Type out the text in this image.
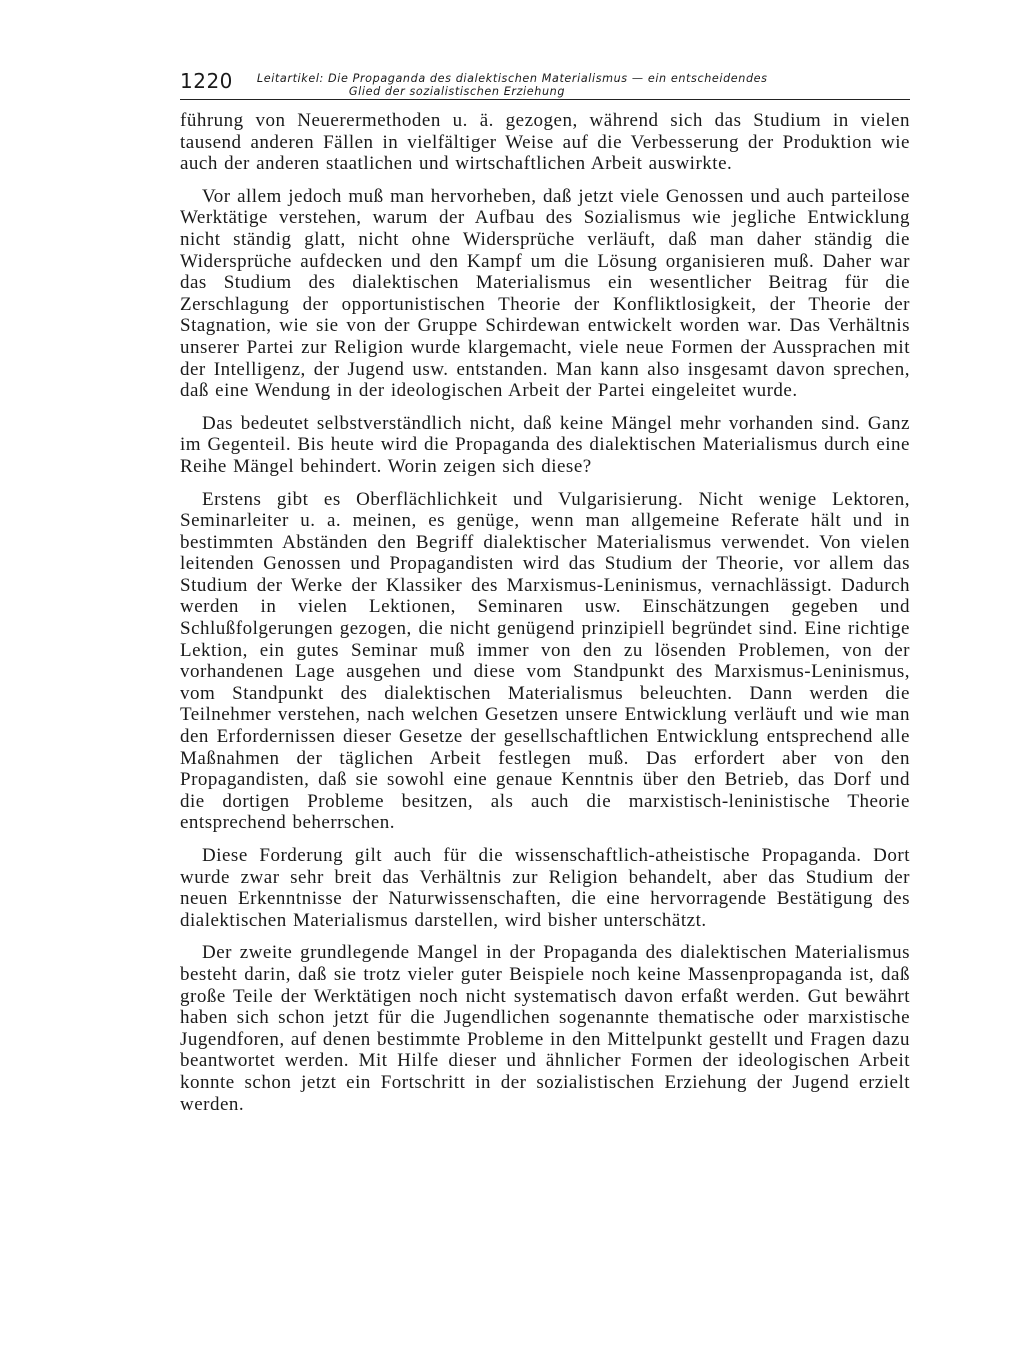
1220 Leitartikel: Die Propaganda des dialektischen Materialismus — ein entscheidendes
Glied der sozialistischen Erziehung

führung von Neuerermethoden u. ä. gezogen, während sich das Studium in vielen tausend anderen Fällen in vielfältiger Weise auf die Verbesserung der Produktion wie auch der anderen staatlichen und wirtschaftlichen Arbeit auswirkte.

Vor allem jedoch muß man hervorheben, daß jetzt viele Genossen und auch parteilose Werktätige verstehen, warum der Aufbau des Sozialismus wie jegliche Entwicklung nicht ständig glatt, nicht ohne Widersprüche verläuft, daß man daher ständig die Widersprüche aufdecken und den Kampf um die Lösung organisieren muß. Daher war das Studium des dialektischen Materialismus ein wesentlicher Beitrag für die Zerschlagung der opportunistischen Theorie der Konfliktlosigkeit, der Theorie der Stagnation, wie sie von der Gruppe Schirdewan entwickelt worden war. Das Verhältnis unserer Partei zur Religion wurde klargemacht, viele neue Formen der Aussprachen mit der Intelligenz, der Jugend usw. entstanden. Man kann also insgesamt davon sprechen, daß eine Wendung in der ideologischen Arbeit der Partei eingeleitet wurde.

Das bedeutet selbstverständlich nicht, daß keine Mängel mehr vorhanden sind. Ganz im Gegenteil. Bis heute wird die Propaganda des dialektischen Materialismus durch eine Reihe Mängel behindert. Worin zeigen sich diese?

Erstens gibt es Oberflächlichkeit und Vulgarisierung. Nicht wenige Lektoren, Seminarleiter u. a. meinen, es genüge, wenn man allgemeine Referate hält und in bestimmten Abständen den Begriff dialektischer Materialismus verwendet. Von vielen leitenden Genossen und Propagandisten wird das Studium der Theorie, vor allem das Studium der Werke der Klassiker des Marxismus-Leninismus, vernachlässigt. Dadurch werden in vielen Lektionen, Seminaren usw. Einschätzungen gegeben und Schlußfolgerungen gezogen, die nicht genügend prinzipiell begründet sind. Eine richtige Lektion, ein gutes Seminar muß immer von den zu lösenden Problemen, von der vorhandenen Lage ausgehen und diese vom Standpunkt des Marxismus-Leninismus, vom Standpunkt des dialektischen Materialismus beleuchten. Dann werden die Teilnehmer verstehen, nach welchen Gesetzen unsere Entwicklung verläuft und wie man den Erfordernissen dieser Gesetze der gesellschaftlichen Entwicklung entsprechend alle Maßnahmen der täglichen Arbeit festlegen muß. Das erfordert aber von den Propagandisten, daß sie sowohl eine genaue Kenntnis über den Betrieb, das Dorf und die dortigen Probleme besitzen, als auch die marxistisch-leninistische Theorie entsprechend beherrschen.

Diese Forderung gilt auch für die wissenschaftlich-atheistische Propaganda. Dort wurde zwar sehr breit das Verhältnis zur Religion behandelt, aber das Studium der neuen Erkenntnisse der Naturwissenschaften, die eine hervorragende Bestätigung des dialektischen Materialismus darstellen, wird bisher unterschätzt.

Der zweite grundlegende Mangel in der Propaganda des dialektischen Materialismus besteht darin, daß sie trotz vieler guter Beispiele noch keine Massenpropaganda ist, daß große Teile der Werktätigen noch nicht systematisch davon erfaßt werden. Gut bewährt haben sich schon jetzt für die Jugendlichen sogenannte thematische oder marxistische Jugendforen, auf denen bestimmte Probleme in den Mittelpunkt gestellt und Fragen dazu beantwortet werden. Mit Hilfe dieser und ähnlicher Formen der ideologischen Arbeit konnte schon jetzt ein Fortschritt in der sozialistischen Erziehung der Jugend erzielt werden.
